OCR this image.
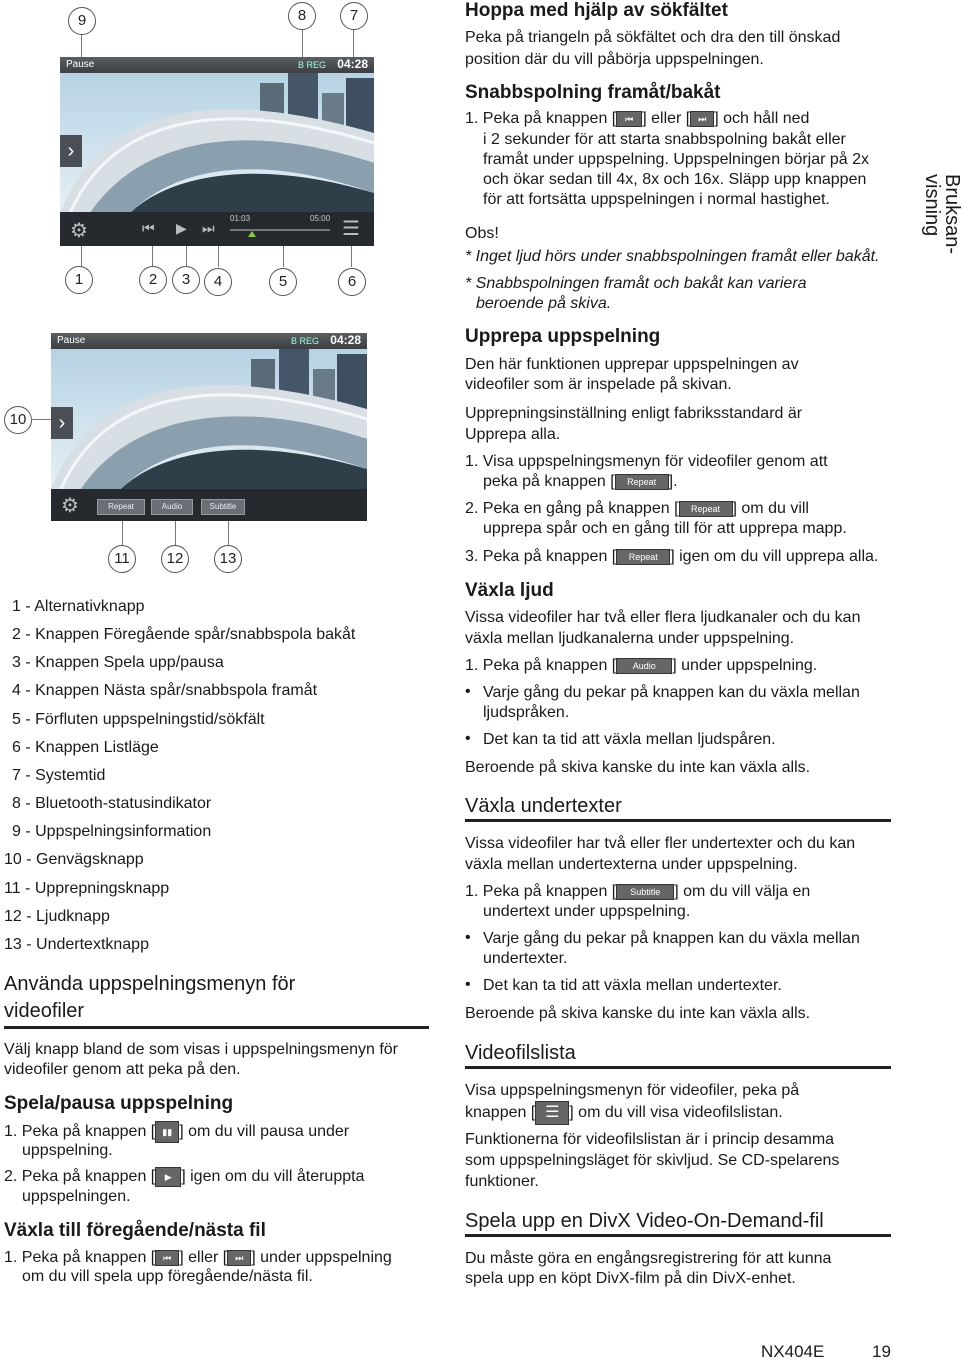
9	8	7
Pause	B REG 04:28
›
⚙	⏮ ▶ ⏭
01:03	05:00 ☰
1	2	3	4	5	6
10
Pause	B REG 04:28
›
⚙	Repeat	Audio	Subtitle
11	12	13
1 - Alternativknapp
2 - Knappen Föregående spår/snabbspola bakåt
3 - Knappen Spela upp/pausa
4 - Knappen Nästa spår/snabbspola framåt
5 - Förfluten uppspelningstid/sökfält
6 - Knappen Listläge
7 - Systemtid
8 - Bluetooth-statusindikator
9 - Uppspelningsinformation
10 - Genvägsknapp
11 - Upprepningsknapp
12 - Ljudknapp
13 - Undertextknapp
Använda uppspelningsmenyn för
videofiler
Välj knapp bland de som visas i uppspelningsmenyn för
videofiler genom att peka på den.
Spela/pausa uppspelning
1. Peka på knappen [ ▮▮ ] om du vill pausa under
uppspelning.
2. Peka på knappen [ ▶ ] igen om du vill återuppta
uppspelningen.
Växla till föregående/nästa fil
1. Peka på knappen [ ⏮ ] eller [ ⏭ ] under uppspelning
om du vill spela upp föregående/nästa fil.
Hoppa med hjälp av sökfältet
Peka på triangeln på sökfältet och dra den till önskad
position där du vill påbörja uppspelningen.
Snabbspolning framåt/bakåt
1. Peka på knappen [ ⏮ ] eller [ ⏭ ] och håll ned
i 2 sekunder för att starta snabbspolning bakåt eller
framåt under uppspelning. Uppspelningen börjar på 2x
och ökar sedan till 4x, 8x och 16x. Släpp upp knappen
för att fortsätta uppspelningen i normal hastighet.
Obs!
* Inget ljud hörs under snabbspolningen framåt eller bakåt.
* Snabbspolningen framåt och bakåt kan variera
beroende på skiva.
Upprepa uppspelning
Den här funktionen upprepar uppspelningen av
videofiler som är inspelade på skivan.
Upprepningsinställning enligt fabriksstandard är
Upprepa alla.
1. Visa uppspelningsmenyn för videofiler genom att
peka på knappen [ Repeat ].
2. Peka en gång på knappen [ Repeat ] om du vill
upprepa spår och en gång till för att upprepa mapp.
3. Peka på knappen [ Repeat ] igen om du vill upprepa alla.
Växla ljud
Vissa videofiler har två eller flera ljudkanaler och du kan
växla mellan ljudkanalerna under uppspelning.
1. Peka på knappen [ Audio ] under uppspelning.
• Varje gång du pekar på knappen kan du växla mellan
ljudspråken.
• Det kan ta tid att växla mellan ljudspåren.
Beroende på skiva kanske du inte kan växla alls.
Växla undertexter
Vissa videofiler har två eller fler undertexter och du kan
växla mellan undertexterna under uppspelning.
1. Peka på knappen [ Subtitle ] om du vill välja en
undertext under uppspelning.
• Varje gång du pekar på knappen kan du växla mellan
undertexter.
• Det kan ta tid att växla mellan undertexter.
Beroende på skiva kanske du inte kan växla alls.
Videofilslista
Visa uppspelningsmenyn för videofiler, peka på
knappen [ ☰ ] om du vill visa videofilslistan.
Funktionerna för videofilslistan är i princip desamma
som uppspelningsläget för skivljud. Se CD-spelarens
funktioner.
Spela upp en DivX Video-On-Demand-fil
Du måste göra en engångsregistrering för att kunna
spela upp en köpt DivX-film på din DivX-enhet.
Bruksan-visning
NX404E	19
